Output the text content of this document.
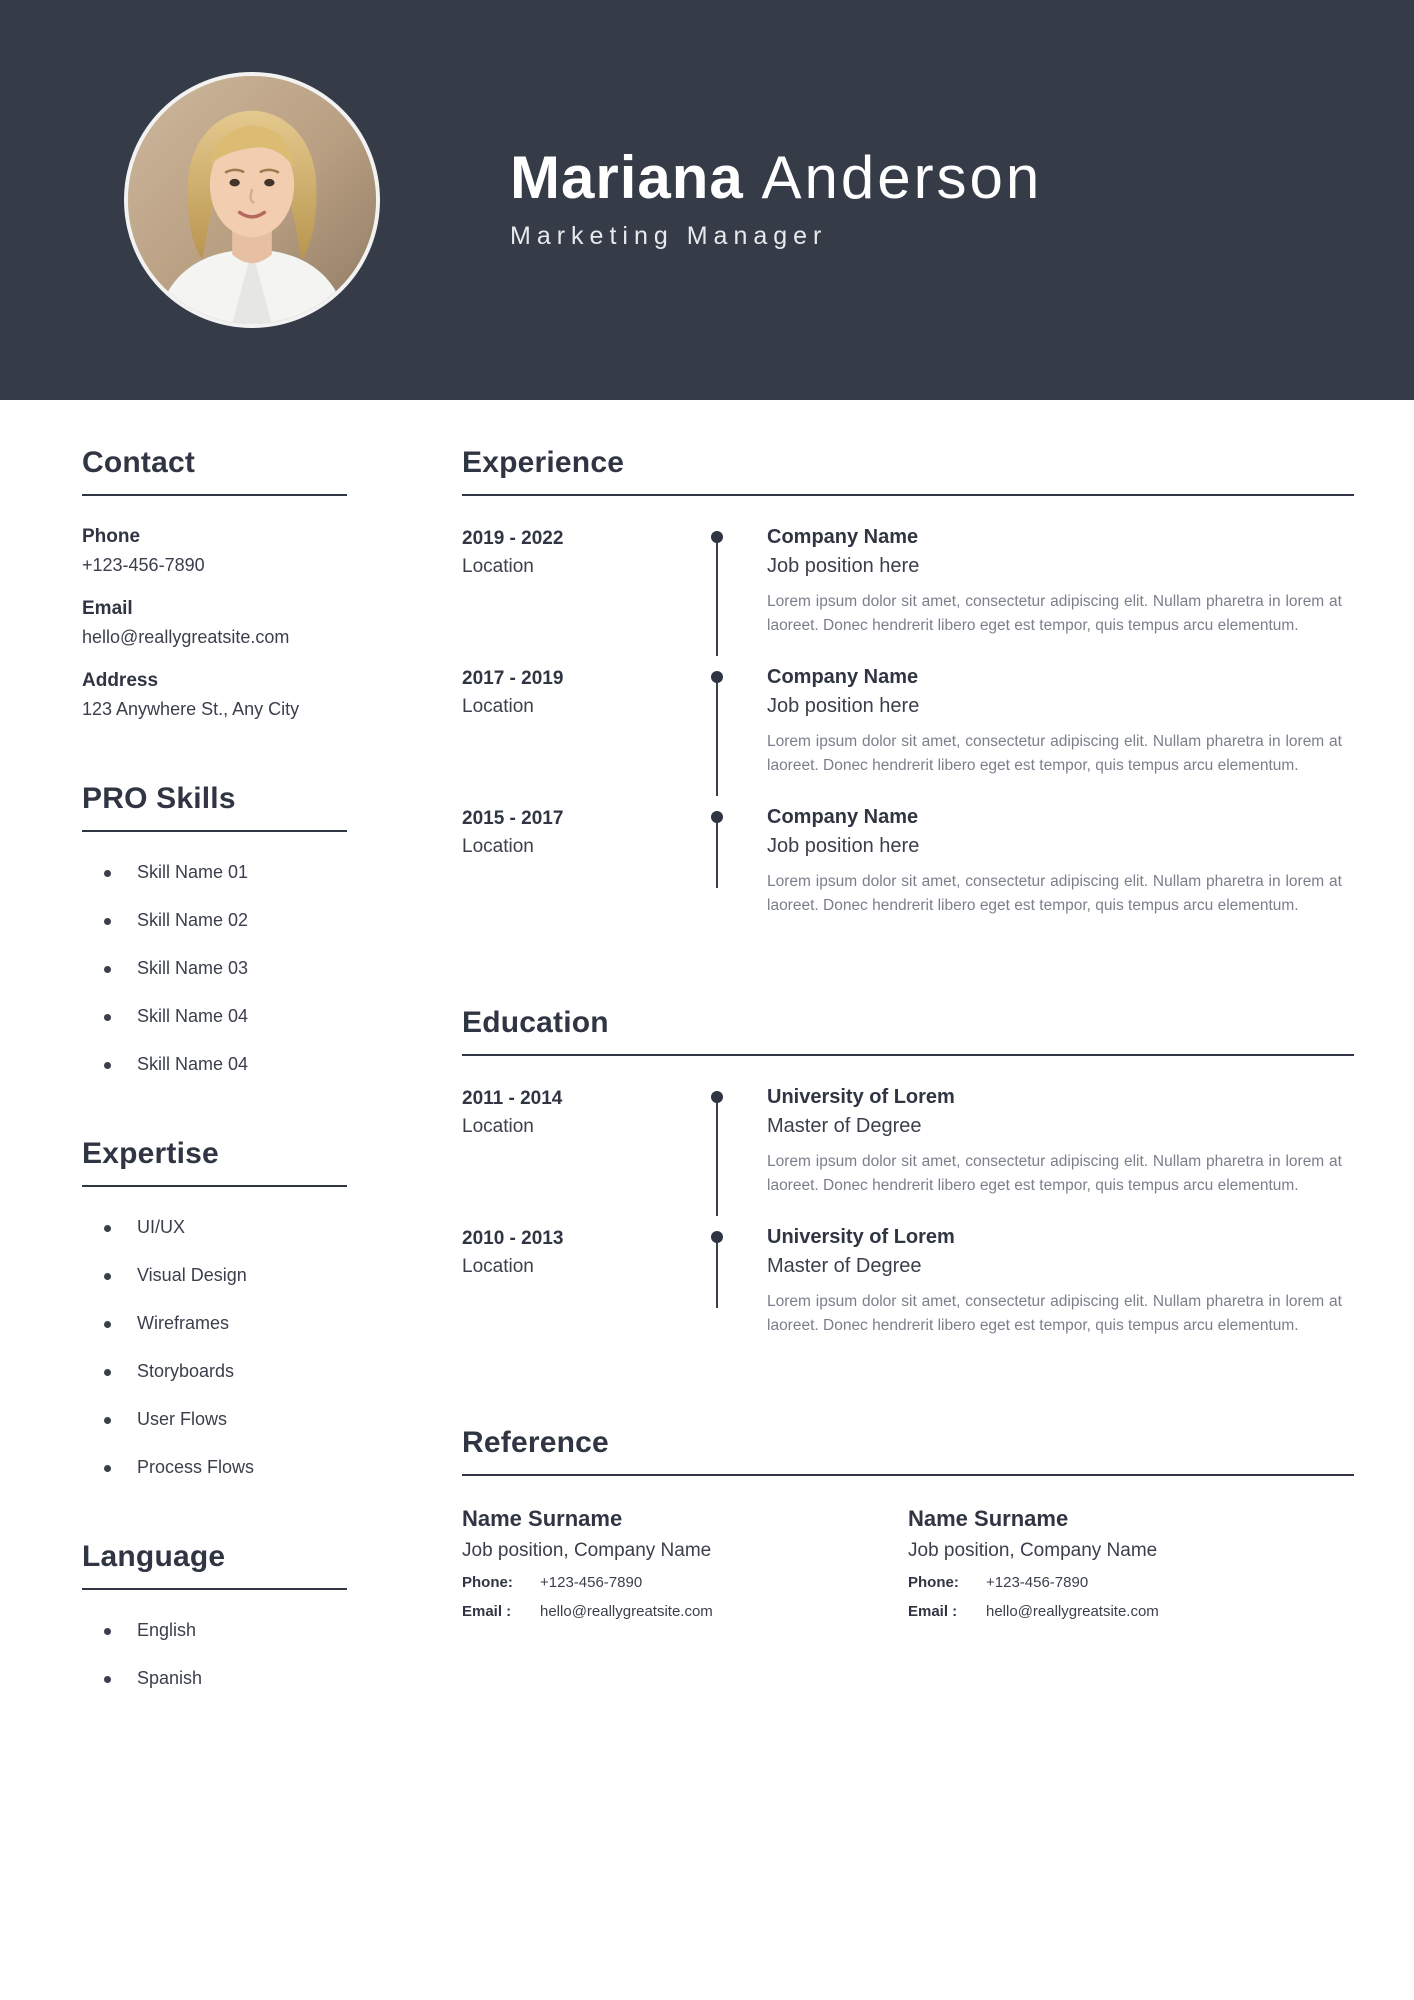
Mariana Anderson
Marketing Manager
Contact
Phone
+123-456-7890
Email
hello@reallygreatsite.com
Address
123 Anywhere St., Any City
PRO Skills
Skill Name 01
Skill Name 02
Skill Name 03
Skill Name 04
Skill Name 04
Expertise
UI/UX
Visual Design
Wireframes
Storyboards
User Flows
Process Flows
Language
English
Spanish
Experience
2019 - 2022
Location
Company Name
Job position here
Lorem ipsum dolor sit amet, consectetur adipiscing elit. Nullam pharetra in lorem at laoreet. Donec hendrerit libero eget est tempor, quis tempus arcu elementum.
2017 - 2019
Location
Company Name
Job position here
Lorem ipsum dolor sit amet, consectetur adipiscing elit. Nullam pharetra in lorem at laoreet. Donec hendrerit libero eget est tempor, quis tempus arcu elementum.
2015 - 2017
Location
Company Name
Job position here
Lorem ipsum dolor sit amet, consectetur adipiscing elit. Nullam pharetra in lorem at laoreet. Donec hendrerit libero eget est tempor, quis tempus arcu elementum.
Education
2011 - 2014
Location
University of Lorem
Master of Degree
Lorem ipsum dolor sit amet, consectetur adipiscing elit. Nullam pharetra in lorem at laoreet. Donec hendrerit libero eget est tempor, quis tempus arcu elementum.
2010 - 2013
Location
University of Lorem
Master of Degree
Lorem ipsum dolor sit amet, consectetur adipiscing elit. Nullam pharetra in lorem at laoreet. Donec hendrerit libero eget est tempor, quis tempus arcu elementum.
Reference
Name Surname
Job position, Company Name
Phone:	+123-456-7890
Email :	hello@reallygreatsite.com
Name Surname
Job position, Company Name
Phone:	+123-456-7890
Email :	hello@reallygreatsite.com
